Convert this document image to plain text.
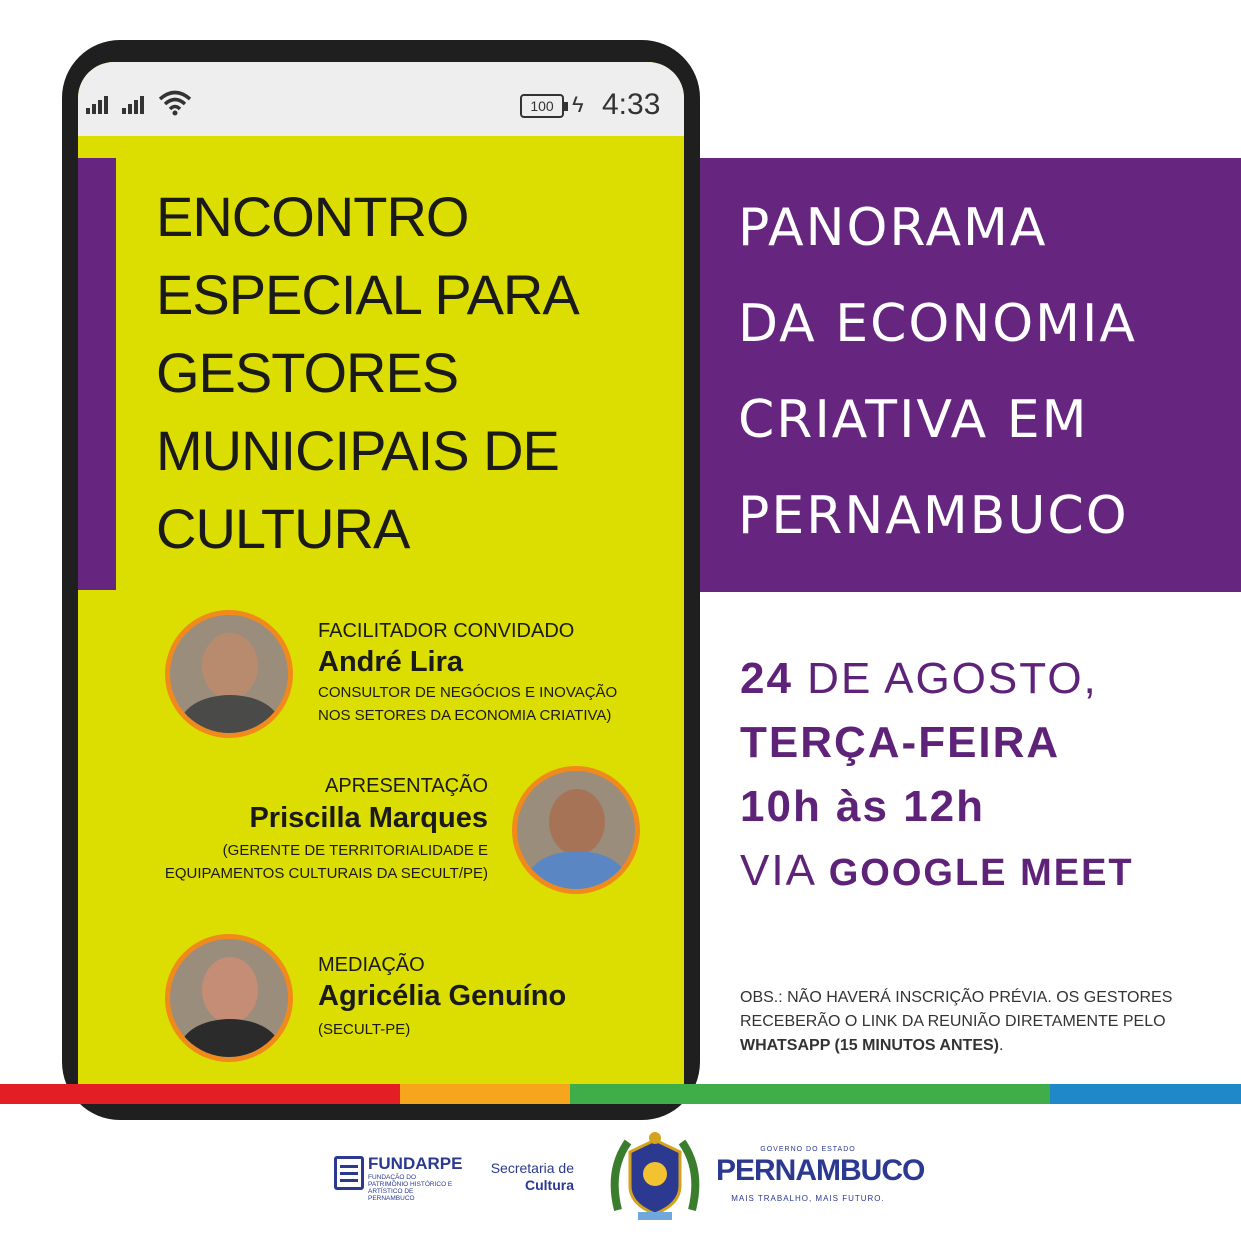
100 ϟ 4:33
ENCONTRO
ESPECIAL PARA
GESTORES
MUNICIPAIS DE
CULTURA
FACILITADOR CONVIDADO
André Lira
CONSULTOR DE NEGÓCIOS E INOVAÇÃO
NOS SETORES DA ECONOMIA CRIATIVA)
APRESENTAÇÃO
Priscilla Marques
(GERENTE DE TERRITORIALIDADE E
EQUIPAMENTOS CULTURAIS DA SECULT/PE)
MEDIAÇÃO
Agricélia Genuíno
(SECULT-PE)
PANORAMA
DA ECONOMIA
CRIATIVA EM
PERNAMBUCO
24 DE AGOSTO,
TERÇA-FEIRA
10h às 12h
VIA GOOGLE MEET
OBS.: NÃO HAVERÁ INSCRIÇÃO PRÉVIA. OS GESTORES RECEBERÃO O LINK DA REUNIÃO DIRETAMENTE PELO WHATSAPP (15 MINUTOS ANTES).
FUNDARPE
FUNDAÇÃO DO PATRIMÔNIO HISTÓRICO E ARTÍSTICO DE PERNAMBUCO
Secretaria de
Cultura
GOVERNO DO ESTADO
PERNAMBUCO
MAIS TRABALHO, MAIS FUTURO.
